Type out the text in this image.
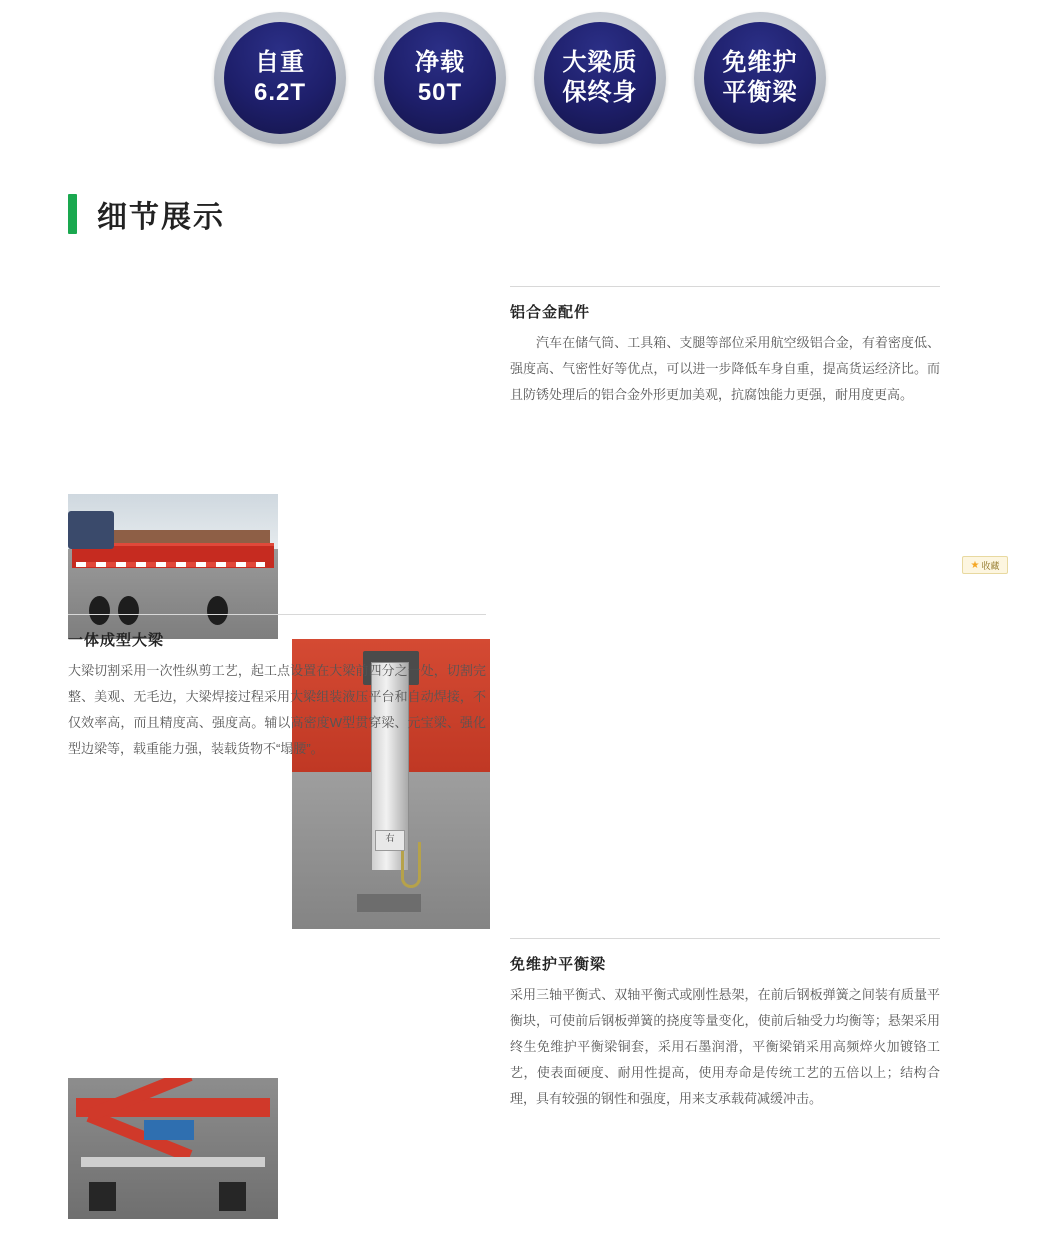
自重
6.2T
净载
50T
大梁质
保终身
免维护
平衡梁
细节展示
右
铝合金配件

汽车在储气筒、工具箱、支腿等部位采用航空级铝合金，有着密度低、强度高、气密性好等优点，可以进一步降低车身自重，提高货运经济比。而且防锈处理后的铝合金外形更加美观，抗腐蚀能力更强，耐用度更高。

★ 收藏
一体成型大梁

大梁切割采用一次性纵剪工艺，起工点设置在大梁前四分之一处，切割完整、美观、无毛边，大梁焊接过程采用大梁组装液压平台和自动焊接，不仅效率高，而且精度高、强度高。辅以高密度W型贯穿梁、元宝梁、强化型边梁等，载重能力强，装载货物不“塌腰”。

免维护平衡梁

采用三轴平衡式、双轴平衡式或刚性悬架，在前后钢板弹簧之间装有质量平衡块，可使前后钢板弹簧的挠度等量变化，使前后轴受力均衡等；悬架采用终生免维护平衡梁铜套，采用石墨润滑，平衡梁销采用高频焠火加镀铬工艺，使表面硬度、耐用性提高，使用寿命是传统工艺的五倍以上；结构合理，具有较强的钢性和强度，用来支承载荷减缓冲击。
